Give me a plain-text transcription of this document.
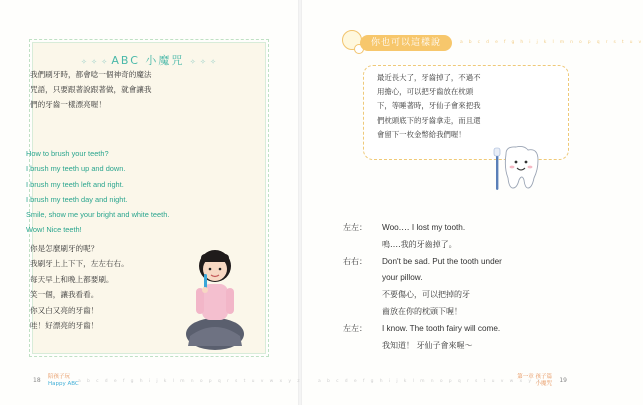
✧ ✧ ✧ ABC 小魔咒 ✧ ✧ ✧

我們刷牙時，都會唸一個神奇的魔法

咒語，只要跟著說跟著做，就會讓我

們的牙齒一樣漂亮喔！

How to brush your teeth?

I brush my teeth up and down.

I brush my teeth left and right.

I brush my teeth day and night.

Smile, show me your bright and white teeth.

Wow! Nice teeth!

你是怎麼刷牙的呢？

我刷牙上上下下，左左右右。

每天早上和晚上都要刷。

笑一個，讓我看看。

你又白又亮的牙齒！

哇！好漂亮的牙齒！

18 陪孩子玩
Happy ABC a b c d e f g h i j k l m n o p q r s t u v w x y z
你也可以這樣說	a b c d e f g h i j k l m n o p q r s t u v

最近長大了，牙齒掉了，不過不

用擔心，可以把牙齒放在枕頭

下，等睡著時，牙仙子會來把我

們枕頭底下的牙齒拿走，而且還

會留下一枚金幣給我們喔！

左左：	Woo‥‥ I lost my tooth.

嗚‥‥我的牙齒掉了。

右右：	Don't be sad. Put the tooth under

your pillow.

不要傷心，可以把掉的牙

齒放在你的枕頭下喔！

左左：	I know. The tooth fairy will come.

我知道！ 牙仙子會來喔～

a b c d e f g h i j k l m n o p q r s t u v w x y z
第一章 孩子篇
小魔咒 19
